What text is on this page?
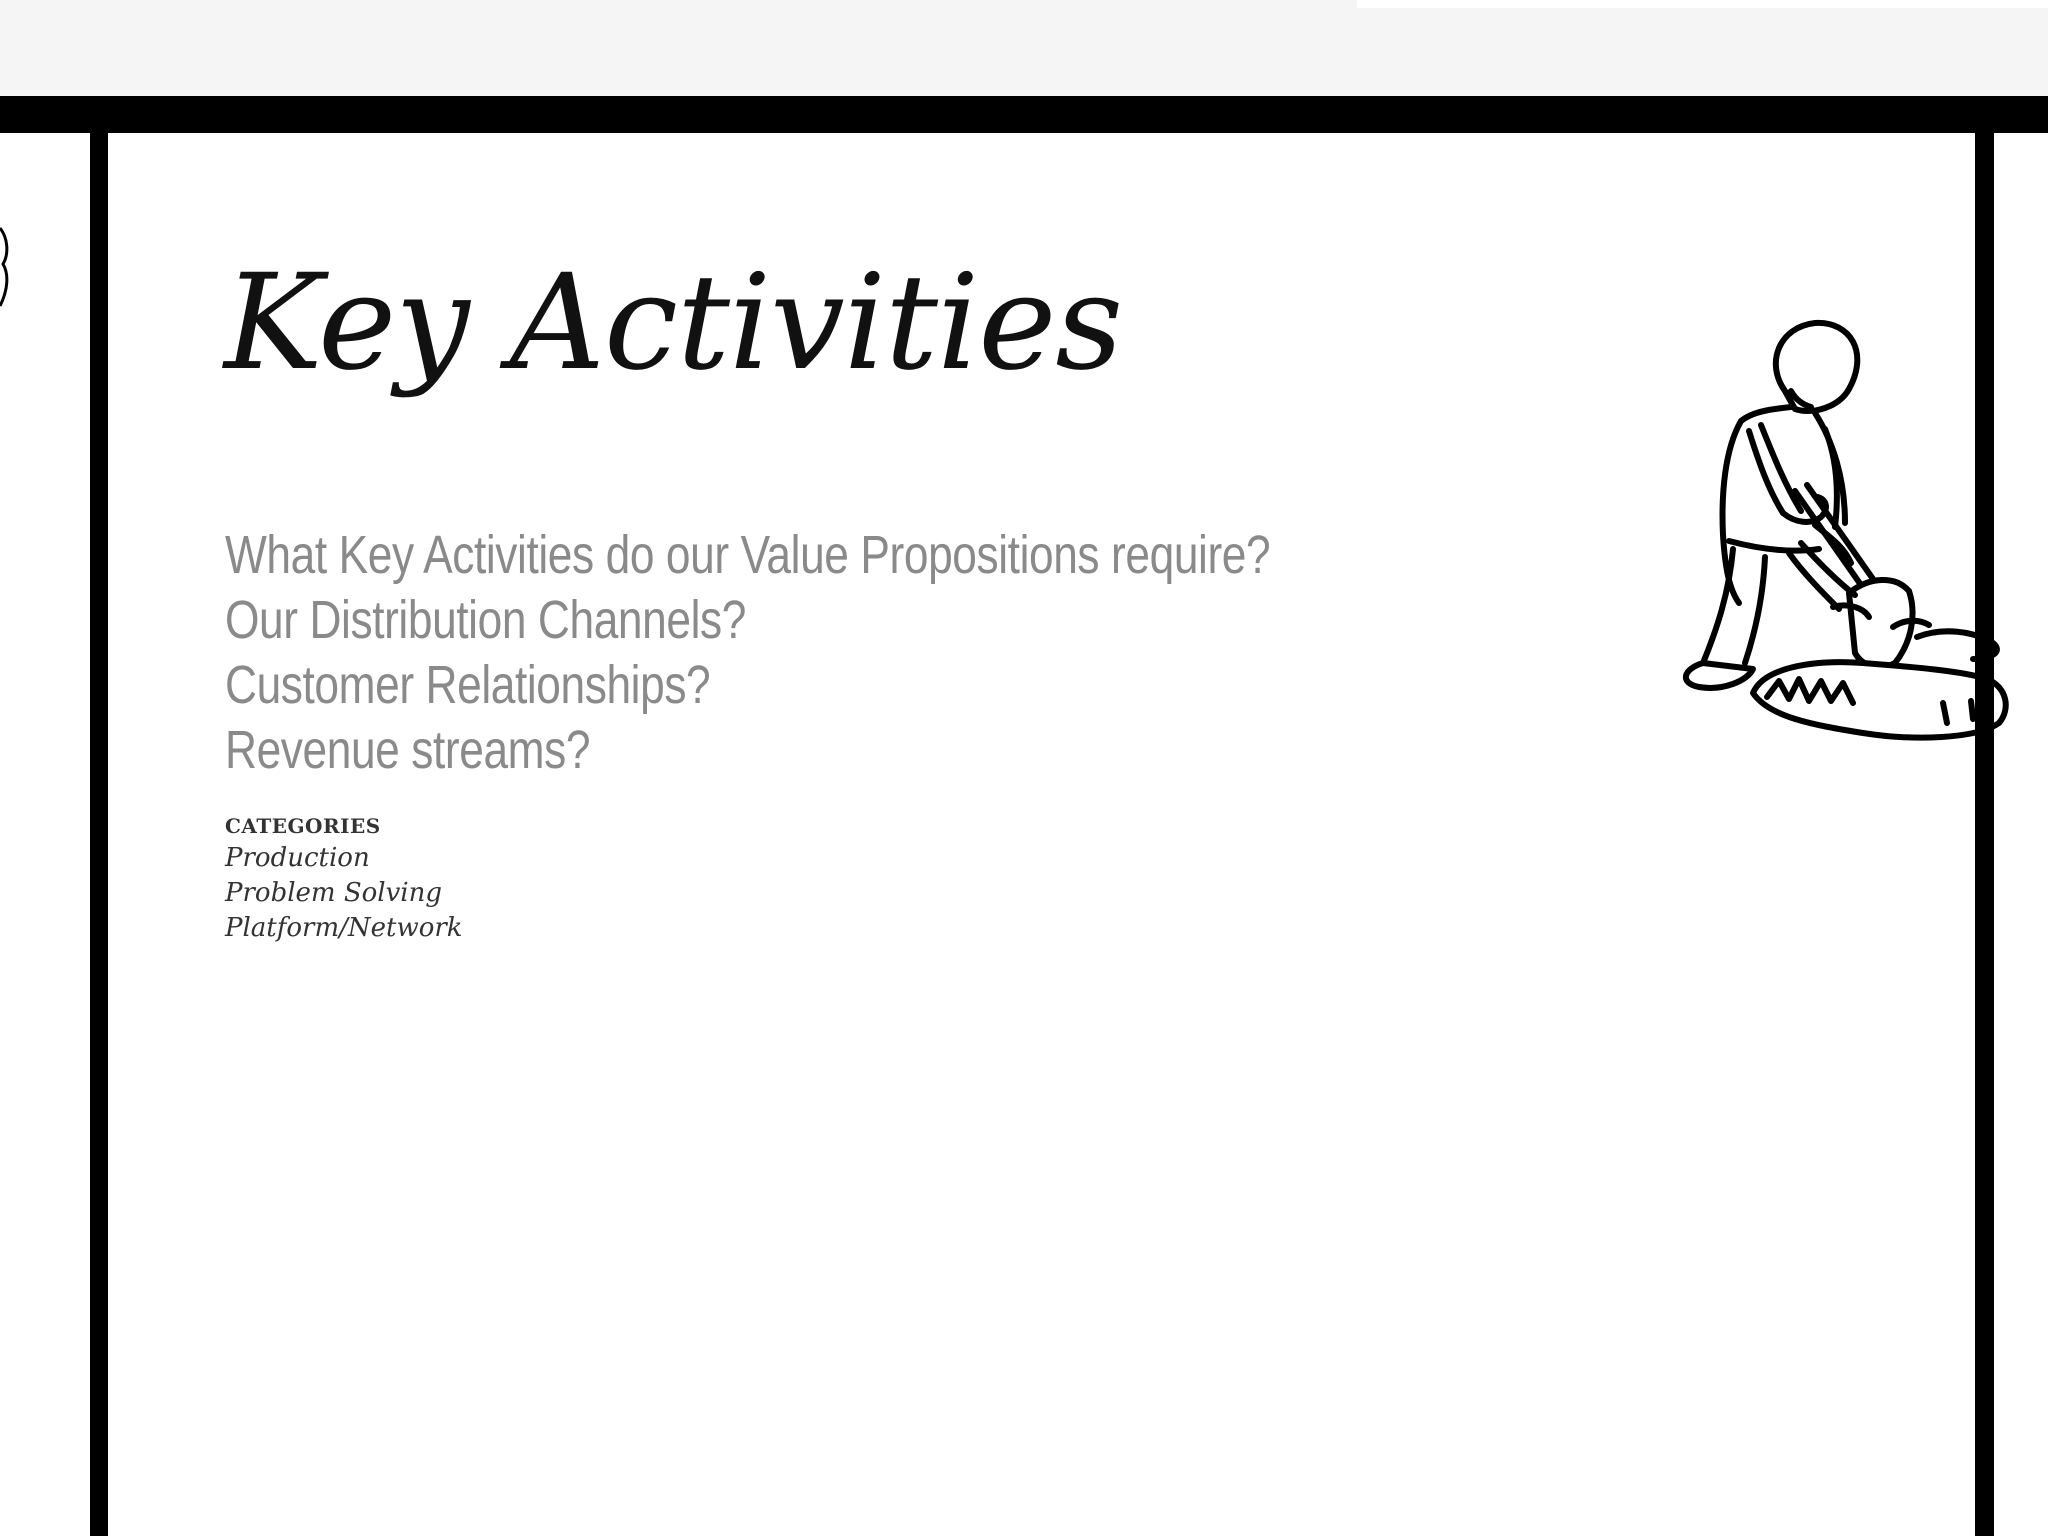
Key Activities
What Key Activities do our Value Propositions require?
Our Distribution Channels?
Customer Relationships?
Revenue streams?
CATEGORIES
Production
Problem Solving
Platform/Network
